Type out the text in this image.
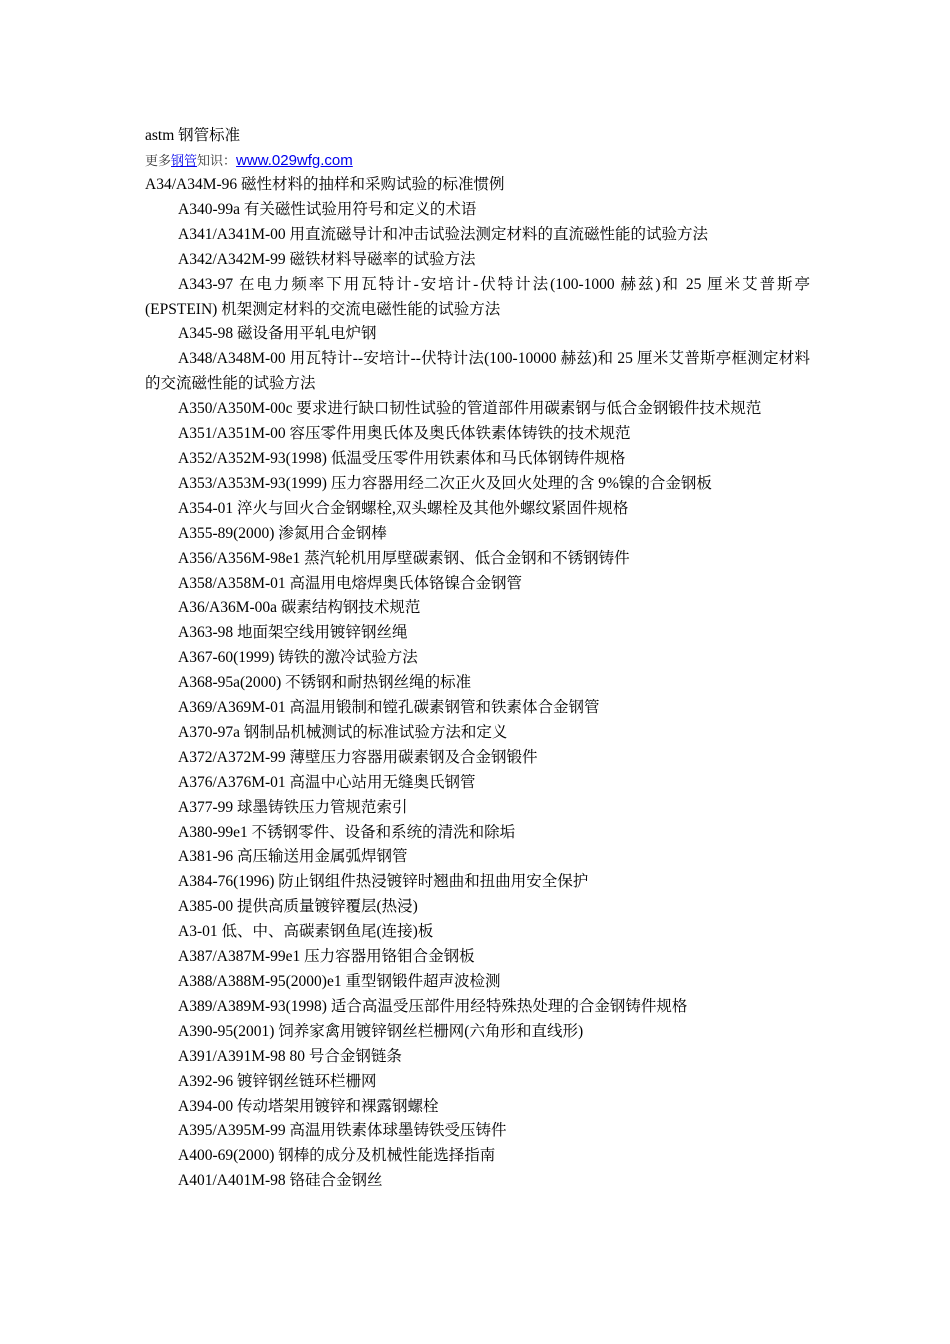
astm 钢管标准
更多钢管知识：www.029wfg.com
A34/A34M-96 磁性材料的抽样和采购试验的标准惯例
A340-99a 有关磁性试验用符号和定义的术语
A341/A341M-00 用直流磁导计和冲击试验法测定材料的直流磁性能的试验方法
A342/A342M-99 磁铁材料导磁率的试验方法
A343-97 在电力频率下用瓦特计-安培计-伏特计法(100-1000 赫兹)和 25 厘米艾普斯亭(EPSTEIN) 机架测定材料的交流电磁性能的试验方法
A345-98 磁设备用平轧电炉钢
A348/A348M-00 用瓦特计--安培计--伏特计法(100-10000 赫兹)和 25 厘米艾普斯亭框测定材料的交流磁性能的试验方法
A350/A350M-00c 要求进行缺口韧性试验的管道部件用碳素钢与低合金钢锻件技术规范
A351/A351M-00 容压零件用奥氏体及奥氏体铁素体铸铁的技术规范
A352/A352M-93(1998) 低温受压零件用铁素体和马氏体钢铸件规格
A353/A353M-93(1999) 压力容器用经二次正火及回火处理的含 9%镍的合金钢板
A354-01 淬火与回火合金钢螺栓,双头螺栓及其他外螺纹紧固件规格
A355-89(2000) 渗氮用合金钢棒
A356/A356M-98e1 蒸汽轮机用厚壁碳素钢、低合金钢和不锈钢铸件
A358/A358M-01 高温用电熔焊奥氏体铬镍合金钢管
A36/A36M-00a 碳素结构钢技术规范
A363-98 地面架空线用镀锌钢丝绳
A367-60(1999) 铸铁的激冷试验方法
A368-95a(2000) 不锈钢和耐热钢丝绳的标准
A369/A369M-01 高温用锻制和镗孔碳素钢管和铁素体合金钢管
A370-97a 钢制品机械测试的标准试验方法和定义
A372/A372M-99 薄壁压力容器用碳素钢及合金钢锻件
A376/A376M-01 高温中心站用无缝奥氏钢管
A377-99 球墨铸铁压力管规范索引
A380-99e1 不锈钢零件、设备和系统的清洗和除垢
A381-96 高压输送用金属弧焊钢管
A384-76(1996) 防止钢组件热浸镀锌时翘曲和扭曲用安全保护
A385-00 提供高质量镀锌覆层(热浸)
A3-01 低、中、高碳素钢鱼尾(连接)板
A387/A387M-99e1 压力容器用铬钼合金钢板
A388/A388M-95(2000)e1 重型钢锻件超声波检测
A389/A389M-93(1998) 适合高温受压部件用经特殊热处理的合金钢铸件规格
A390-95(2001) 饲养家禽用镀锌钢丝栏栅网(六角形和直线形)
A391/A391M-98 80 号合金钢链条
A392-96 镀锌钢丝链环栏栅网
A394-00 传动塔架用镀锌和裸露钢螺栓
A395/A395M-99 高温用铁素体球墨铸铁受压铸件
A400-69(2000) 钢棒的成分及机械性能选择指南
A401/A401M-98 铬硅合金钢丝
